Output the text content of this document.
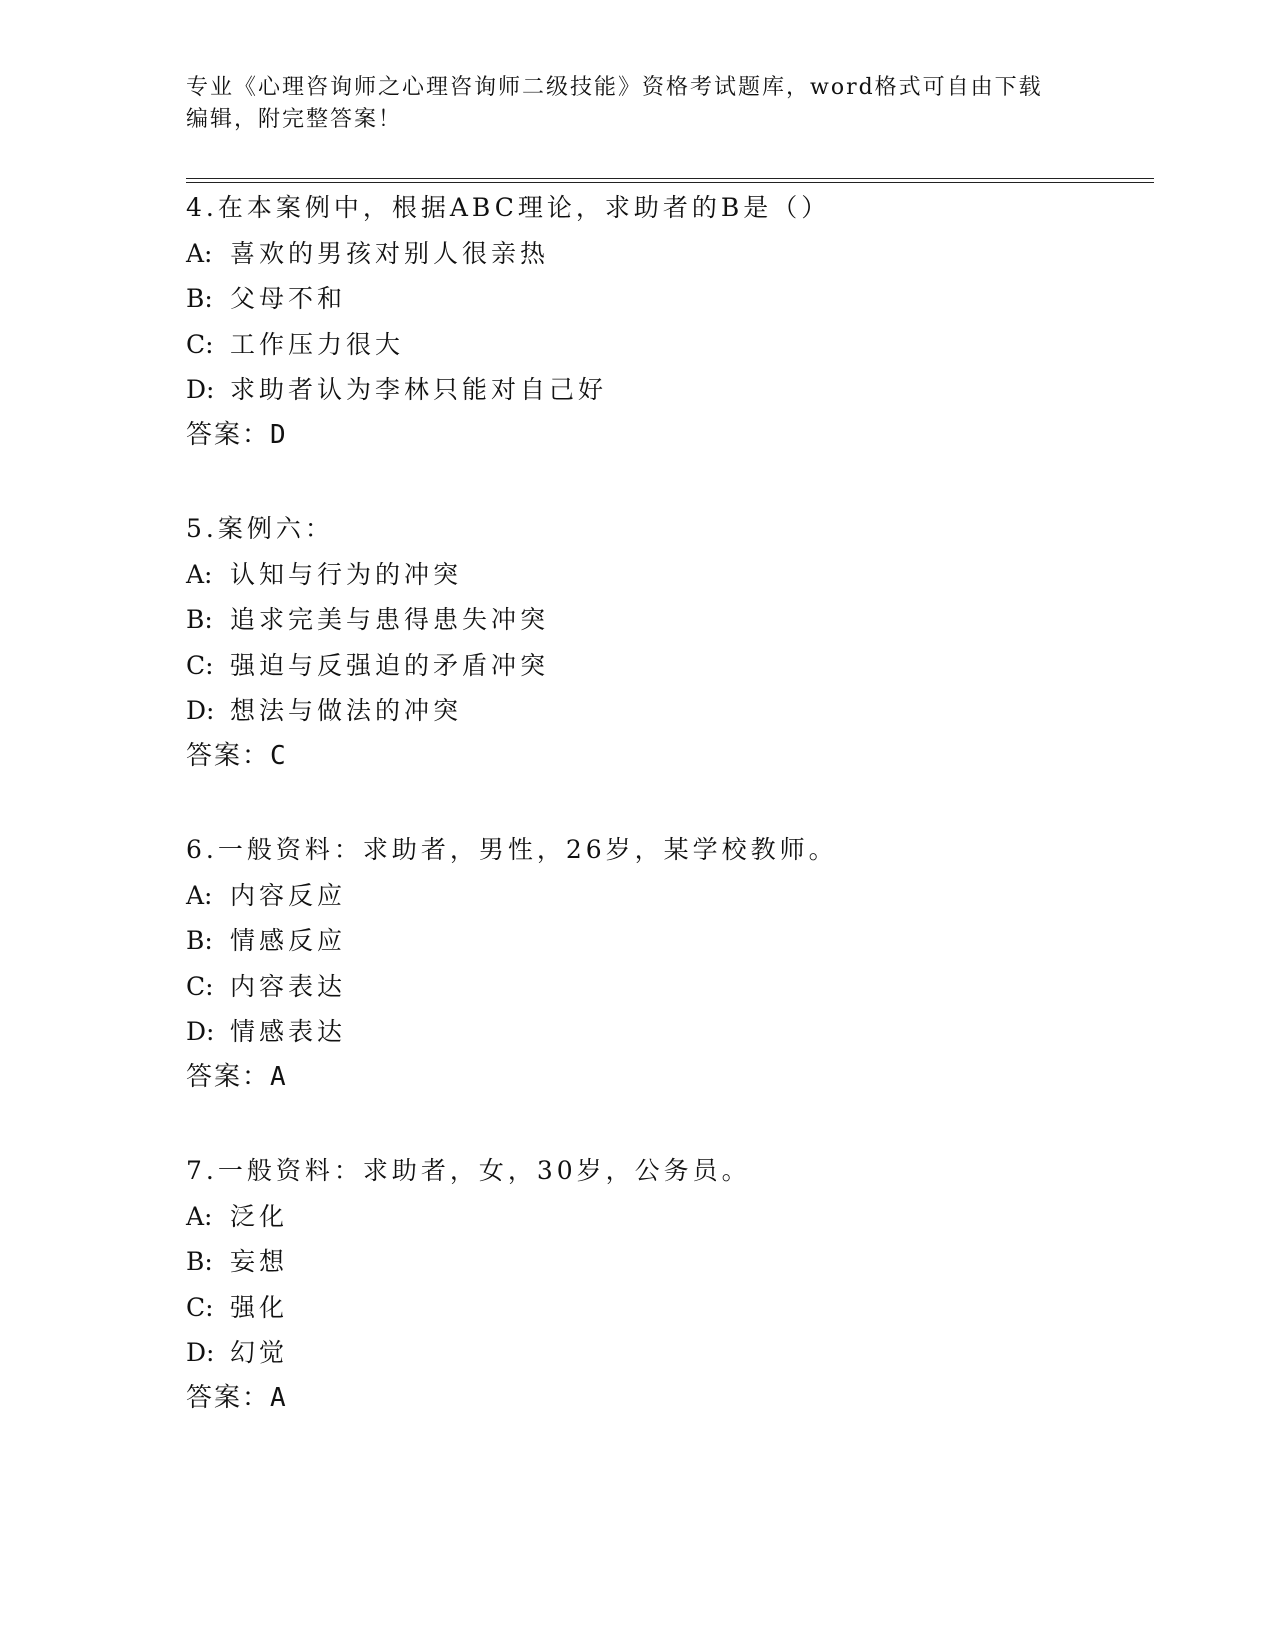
专业《心理咨询师之心理咨询师二级技能》资格考试题库，word格式可自由下载
编辑，附完整答案！
4.在本案例中，根据ABC理论，求助者的B是（）
A: 喜欢的男孩对别人很亲热
B: 父母不和
C: 工作压力很大
D: 求助者认为李林只能对自己好
答案：D
5.案例六：
A: 认知与行为的冲突
B: 追求完美与患得患失冲突
C: 强迫与反强迫的矛盾冲突
D: 想法与做法的冲突
答案：C
6.一般资料：求助者，男性，26岁，某学校教师。
A: 内容反应
B: 情感反应
C: 内容表达
D: 情感表达
答案：A
7.一般资料：求助者，女，30岁，公务员。
A: 泛化
B: 妄想
C: 强化
D: 幻觉
答案：A
